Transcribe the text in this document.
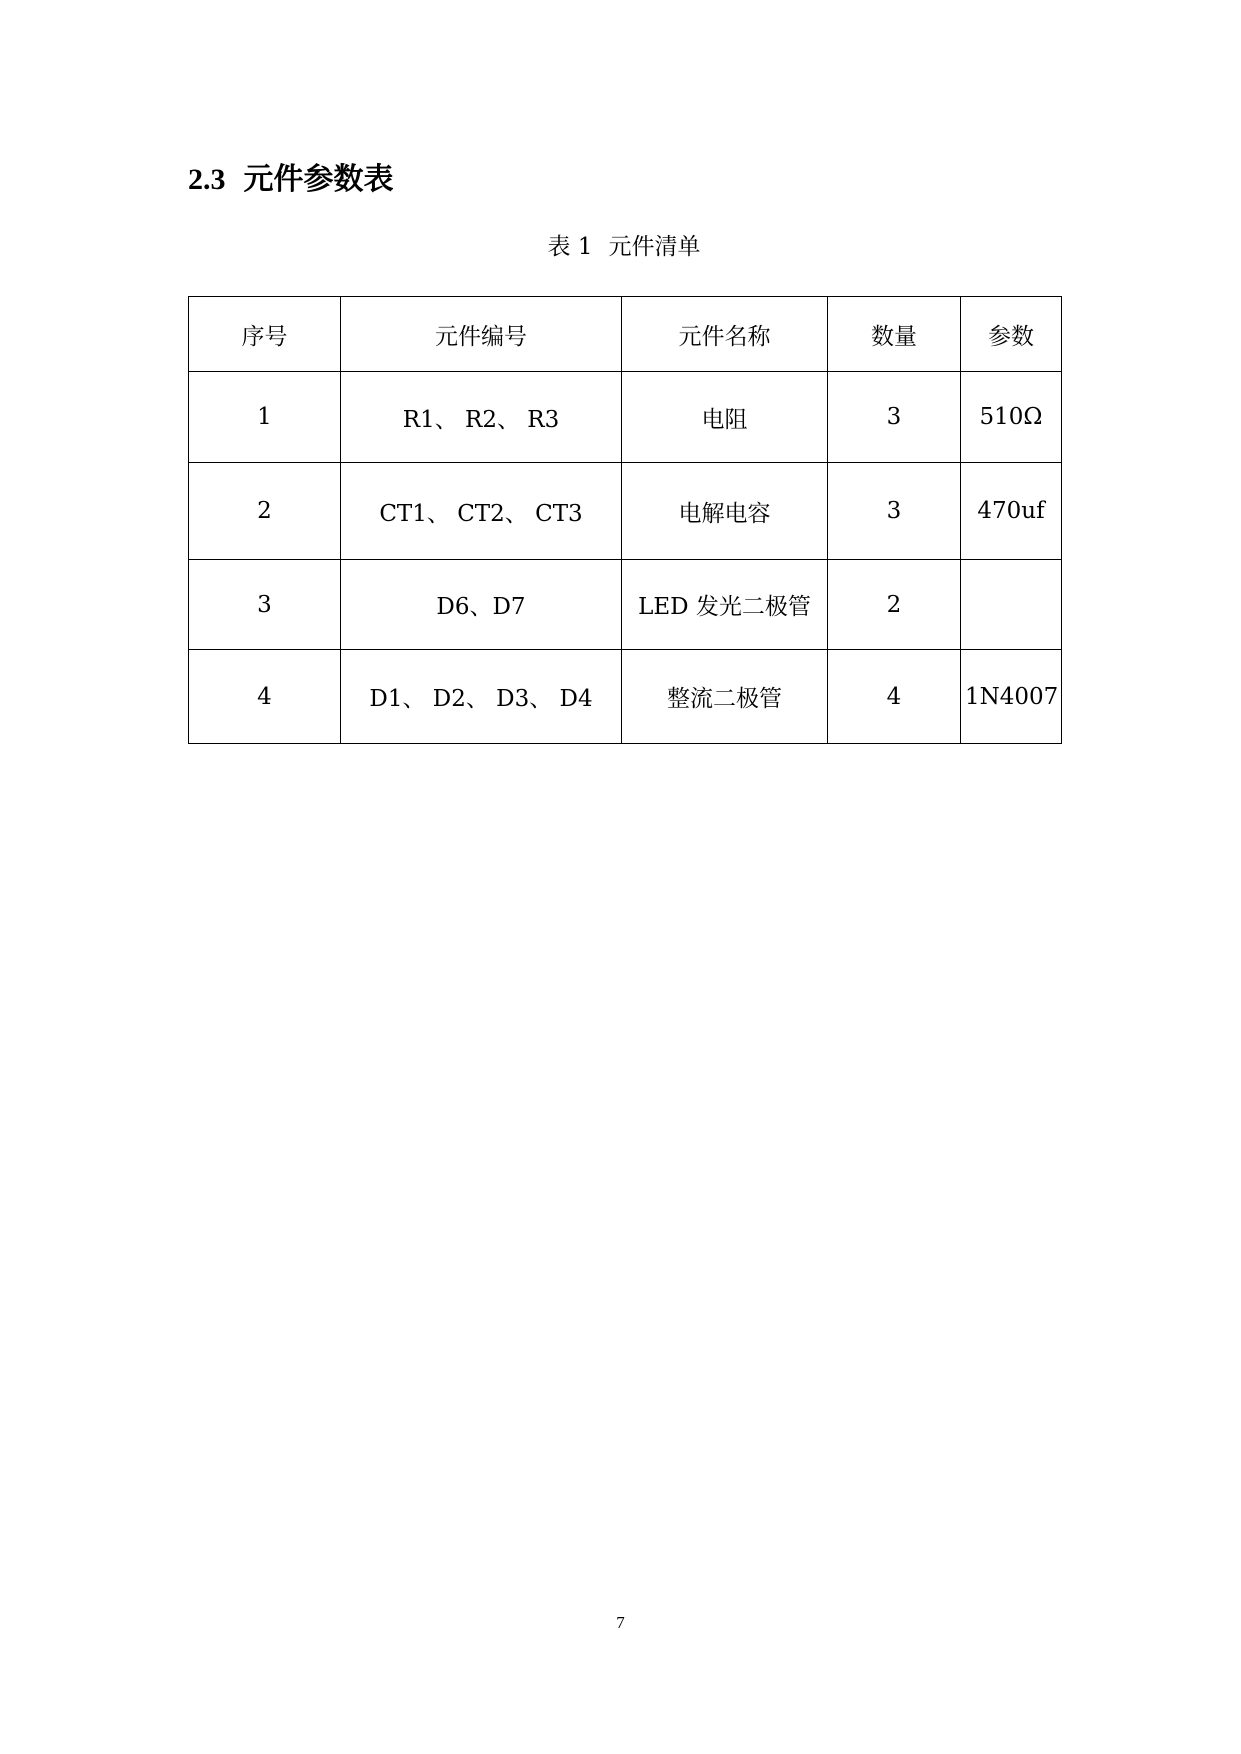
2.3 元件参数表
表 1 元件清单
序号	元件编号	元件名称	数量	参数
1	R1、 R2、 R3	电阻	3	510Ω
2	CT1、 CT2、 CT3	电解电容	3	470uf
3	D6、D7	LED 发光二极管	2	
4	D1、 D2、 D3、 D4	整流二极管	4	1N4007
7
